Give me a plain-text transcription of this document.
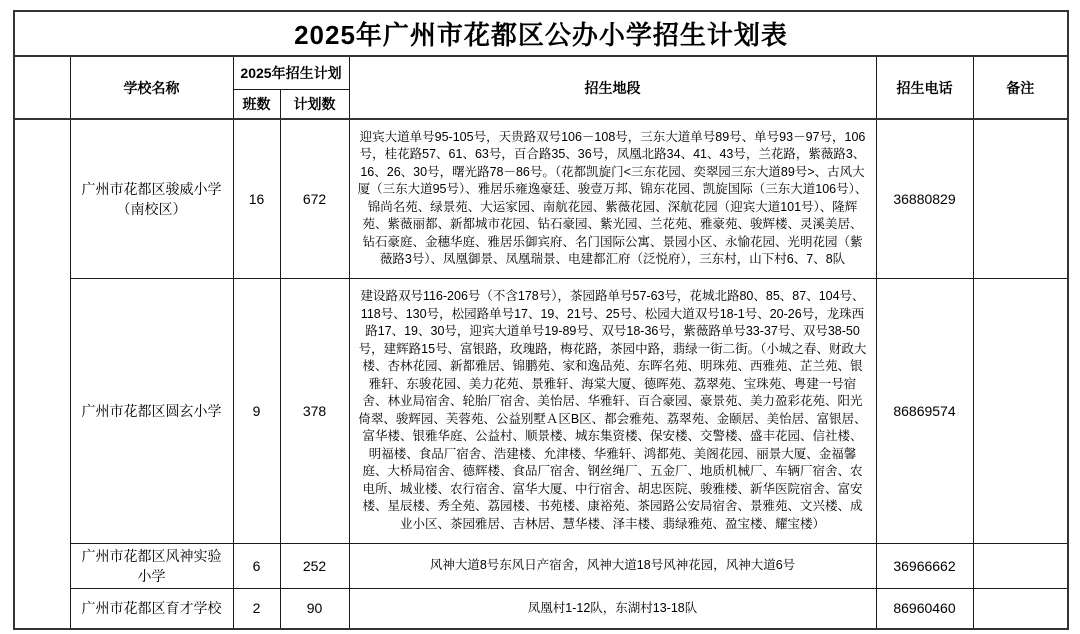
2025年广州市花都区公办小学招生计划表						
	学校名称	2025年招生计划		招生地段	招生电话	备注
		班数	计划数			
	广州市花都区骏威小学（南校区）	16	672	迎宾大道单号95-105号，天贵路双号106－108号，三东大道单号89号、单号93－97号，106号，桂花路57、61、63号，百合路35、36号，凤凰北路34、41、43号，兰花路，紫薇路3、16、26、30号，曙光路78－86号。（花都凯旋门<三东花园、奕翠园三东大道89号>、古风大厦（三东大道95号）、雅居乐雍逸豪廷、骏壹万邦、锦东花园、凯旋国际（三东大道106号）、锦尚名苑、绿景苑、大运家园、南航花园、紫薇花园、深航花园（迎宾大道101号）、隆辉苑、紫薇丽都、新都城市花园、钻石豪园、紫光园、兰花苑、雅豪苑、骏辉楼、灵溪美居、钻石豪庭、金穗华庭、雅居乐御宾府、名门国际公寓、景园小区、永愉花园、光明花园（紫薇路3号）、凤凰御景、凤凰瑞景、电建都汇府（泛悦府），三东村，山下村6、7、8队	36880829	
	广州市花都区圆玄小学	9	378	建设路双号116-206号（不含178号），茶园路单号57-63号，花城北路80、85、87、104号、118号、130号，松园路单号17、19、21号、25号、松园大道双号18-1号、20-26号，龙珠西路17、19、30号，迎宾大道单号19-89号、双号18-36号，紫薇路单号33-37号、双号38-50号，建辉路15号、富银路，玫瑰路，梅花路，茶园中路，翡绿一街二街。（小城之春、财政大楼、杏林花园、新都雅居、锦鹏苑、家和逸品苑、东晖名苑、明珠苑、西雅苑、芷兰苑、银雅轩、东骏花园、美力花苑、景雅轩、海棠大厦、德晖苑、荔翠苑、宝珠苑、粤建一号宿舍、林业局宿舍、轮胎厂宿舍、美怡居、华雅轩、百合豪园、豪景苑、美力盈彩花苑、阳光倚翠、骏辉园、芙蓉苑、公益别墅Ａ区B区、都会雅苑、荔翠苑、金颐居、美怡居、富银居、富华楼、银雅华庭、公益村、顺景楼、城东集资楼、保安楼、交警楼、盛丰花园、信社楼、明福楼、食品厂宿舍、浩建楼、允津楼、华雅轩、鸿都苑、美阁花园、丽景大厦、金福馨庭、大桥局宿舍、德辉楼、食品厂宿舍、钢丝绳厂、五金厂、地质机械厂、车辆厂宿舍、农电所、城业楼、农行宿舍、富华大厦、中行宿舍、胡忠医院、骏雅楼、新华医院宿舍、富安楼、星辰楼、秀全苑、荔园楼、书苑楼、康裕苑、茶园路公安局宿舍、景雅苑、文兴楼、成业小区、茶园雅居、吉林居、慧华楼、泽丰楼、翡绿雅苑、盈宝楼、耀宝楼）	86869574	
	广州市花都区风神实验小学	6	252	风神大道8号东风日产宿舍，风神大道18号风神花园，风神大道6号	36966662	
	广州市花都区育才学校	2	90	凤凰村1-12队，东湖村13-18队	86960460	
